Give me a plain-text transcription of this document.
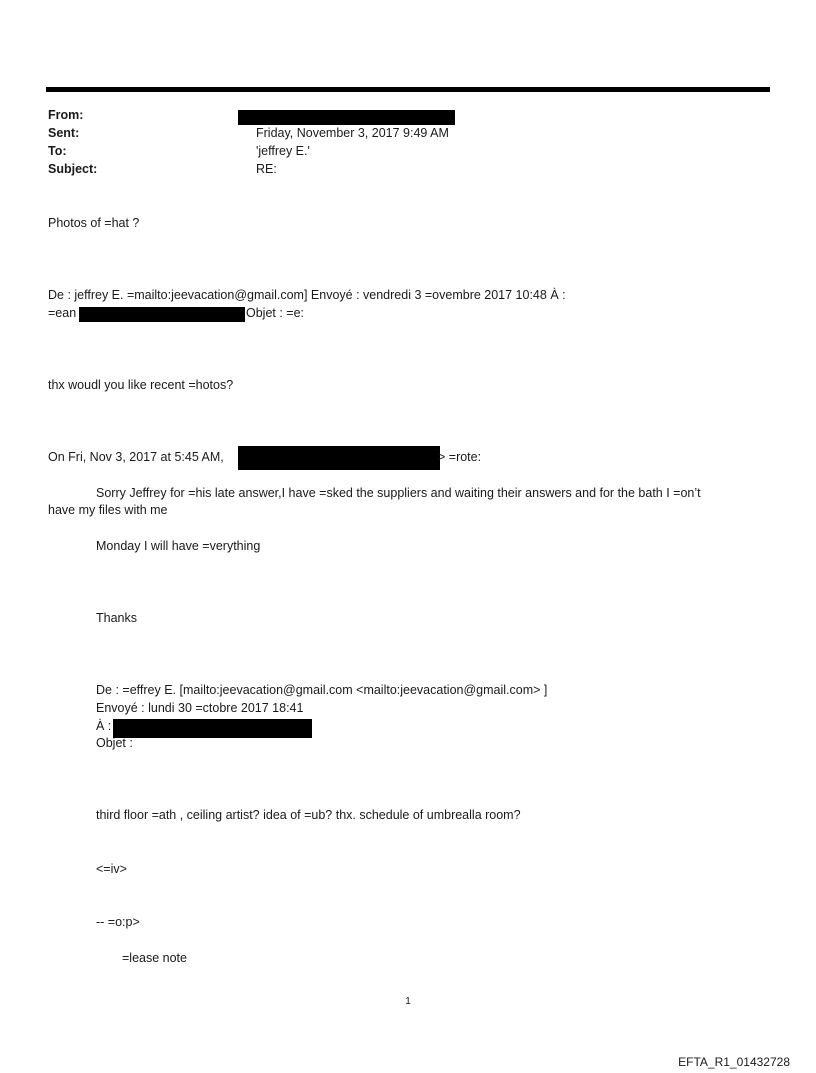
From:
Sent:	Friday, November 3, 2017 9:49 AM
To:	'jeffrey E.'
Subject:	RE:
Photos of =hat ?
De : jeffrey E. =mailto:jeevacation@gmail.com] Envoyé : vendredi 3 =ovembre 2017 10:48 À :
=ean	Objet : =e:
thx woudl you like recent =hotos?
On Fri, Nov 3, 2017 at 5:45 AM,	> =rote:
Sorry Jeffrey for =his late answer,I have =sked the suppliers and waiting their answers and for the bath I =on’t
have my files with me
Monday I will have =verything
Thanks
De : =effrey E. [mailto:jeevacation@gmail.com <mailto:jeevacation@gmail.com> ]
Envoyé : lundi 30 =ctobre 2017 18:41
À :
Objet :
third floor =ath , ceiling artist? idea of =ub? thx. schedule of umbrealla room?
<=iv>
-- =o:p>
=lease note
1
EFTA_R1_01432728
